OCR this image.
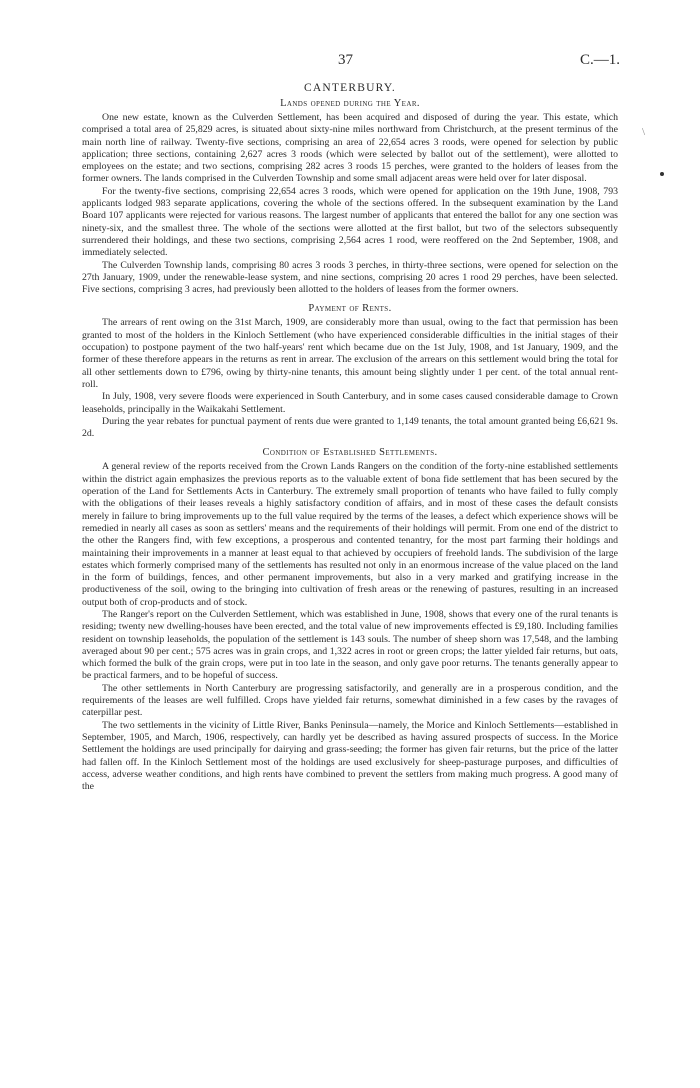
37	C.—1.
\
CANTERBURY.
Lands opened during the Year.

One new estate, known as the Culverden Settlement, has been acquired and disposed of during the year. This estate, which comprised a total area of 25,829 acres, is situated about sixty-nine miles northward from Christchurch, at the present terminus of the main north line of railway. Twenty-five sections, comprising an area of 22,654 acres 3 roods, were opened for selection by public application; three sections, containing 2,627 acres 3 roods (which were selected by ballot out of the settlement), were allotted to employees on the estate; and two sections, comprising 282 acres 3 roods 15 perches, were granted to the holders of leases from the former owners. The lands comprised in the Culverden Township and some small adjacent areas were held over for later disposal.

For the twenty-five sections, comprising 22,654 acres 3 roods, which were opened for application on the 19th June, 1908, 793 applicants lodged 983 separate applications, covering the whole of the sections offered. In the subsequent examination by the Land Board 107 applicants were rejected for various reasons. The largest number of applicants that entered the ballot for any one section was ninety-six, and the smallest three. The whole of the sections were allotted at the first ballot, but two of the selectors subsequently surrendered their holdings, and these two sections, comprising 2,564 acres 1 rood, were reoffered on the 2nd September, 1908, and immediately selected.

The Culverden Township lands, comprising 80 acres 3 roods 3 perches, in thirty-three sections, were opened for selection on the 27th January, 1909, under the renewable-lease system, and nine sections, comprising 20 acres 1 rood 29 perches, have been selected. Five sections, comprising 3 acres, had previously been allotted to the holders of leases from the former owners.

Payment of Rents.

The arrears of rent owing on the 31st March, 1909, are considerably more than usual, owing to the fact that permission has been granted to most of the holders in the Kinloch Settlement (who have experienced considerable difficulties in the initial stages of their occupation) to postpone payment of the two half-years' rent which became due on the 1st July, 1908, and 1st January, 1909, and the former of these therefore appears in the returns as rent in arrear. The exclusion of the arrears on this settlement would bring the total for all other settlements down to £796, owing by thirty-nine tenants, this amount being slightly under 1 per cent. of the total annual rent-roll.

In July, 1908, very severe floods were experienced in South Canterbury, and in some cases caused considerable damage to Crown leaseholds, principally in the Waikakahi Settlement.

During the year rebates for punctual payment of rents due were granted to 1,149 tenants, the total amount granted being £6,621 9s. 2d.

Condition of Established Settlements.

A general review of the reports received from the Crown Lands Rangers on the condition of the forty-nine established settlements within the district again emphasizes the previous reports as to the valuable extent of bona fide settlement that has been secured by the operation of the Land for Settlements Acts in Canterbury. The extremely small proportion of tenants who have failed to fully comply with the obligations of their leases reveals a highly satisfactory condition of affairs, and in most of these cases the default consists merely in failure to bring improvements up to the full value required by the terms of the leases, a defect which experience shows will be remedied in nearly all cases as soon as settlers' means and the requirements of their holdings will permit. From one end of the district to the other the Rangers find, with few exceptions, a prosperous and contented tenantry, for the most part farming their holdings and maintaining their improvements in a manner at least equal to that achieved by occupiers of freehold lands. The subdivision of the large estates which formerly comprised many of the settlements has resulted not only in an enormous increase of the value placed on the land in the form of buildings, fences, and other permanent improvements, but also in a very marked and gratifying increase in the productiveness of the soil, owing to the bringing into cultivation of fresh areas or the renewing of pastures, resulting in an increased output both of crop-products and of stock.

The Ranger's report on the Culverden Settlement, which was established in June, 1908, shows that every one of the rural tenants is residing; twenty new dwelling-houses have been erected, and the total value of new improvements effected is £9,180. Including families resident on township leaseholds, the population of the settlement is 143 souls. The number of sheep shorn was 17,548, and the lambing averaged about 90 per cent.; 575 acres was in grain crops, and 1,322 acres in root or green crops; the latter yielded fair returns, but oats, which formed the bulk of the grain crops, were put in too late in the season, and only gave poor returns. The tenants generally appear to be practical farmers, and to be hopeful of success.

The other settlements in North Canterbury are progressing satisfactorily, and generally are in a prosperous condition, and the requirements of the leases are well fulfilled. Crops have yielded fair returns, somewhat diminished in a few cases by the ravages of caterpillar pest.

The two settlements in the vicinity of Little River, Banks Peninsula—namely, the Morice and Kinloch Settlements—established in September, 1905, and March, 1906, respectively, can hardly yet be described as having assured prospects of success. In the Morice Settlement the holdings are used principally for dairying and grass-seeding; the former has given fair returns, but the price of the latter had fallen off. In the Kinloch Settlement most of the holdings are used exclusively for sheep-pasturage purposes, and difficulties of access, adverse weather conditions, and high rents have combined to prevent the settlers from making much progress. A good many of the
